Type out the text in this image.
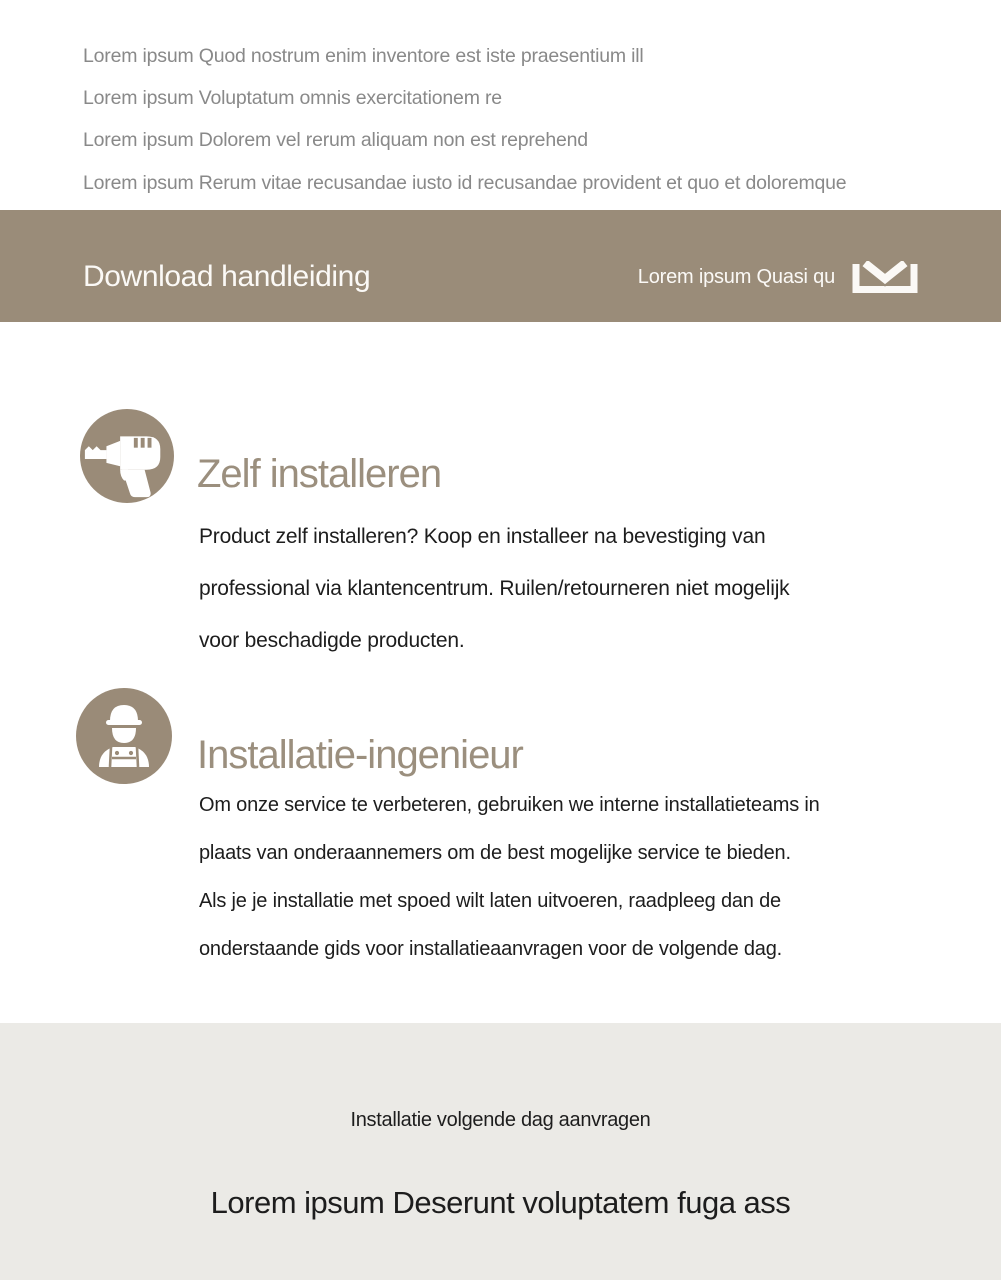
Lorem ipsum Quod nostrum enim inventore est iste praesentium ill
Lorem ipsum Voluptatum omnis exercitationem re
Lorem ipsum Dolorem vel rerum aliquam non est reprehend
Lorem ipsum Rerum vitae recusandae iusto id recusandae provident et quo et doloremque
Download handleiding	Lorem ipsum Quasi qu
Zelf installeren
Product zelf installeren? Koop en installeer na bevestiging van
professional via klantencentrum. Ruilen/retourneren niet mogelijk
voor beschadigde producten.
Installatie-ingenieur
Om onze service te verbeteren, gebruiken we interne installatieteams in
plaats van onderaannemers om de best mogelijke service te bieden.
Als je je installatie met spoed wilt laten uitvoeren, raadpleeg dan de
onderstaande gids voor installatieaanvragen voor de volgende dag.
Installatie volgende dag aanvragen
Lorem ipsum Deserunt voluptatem fuga ass
